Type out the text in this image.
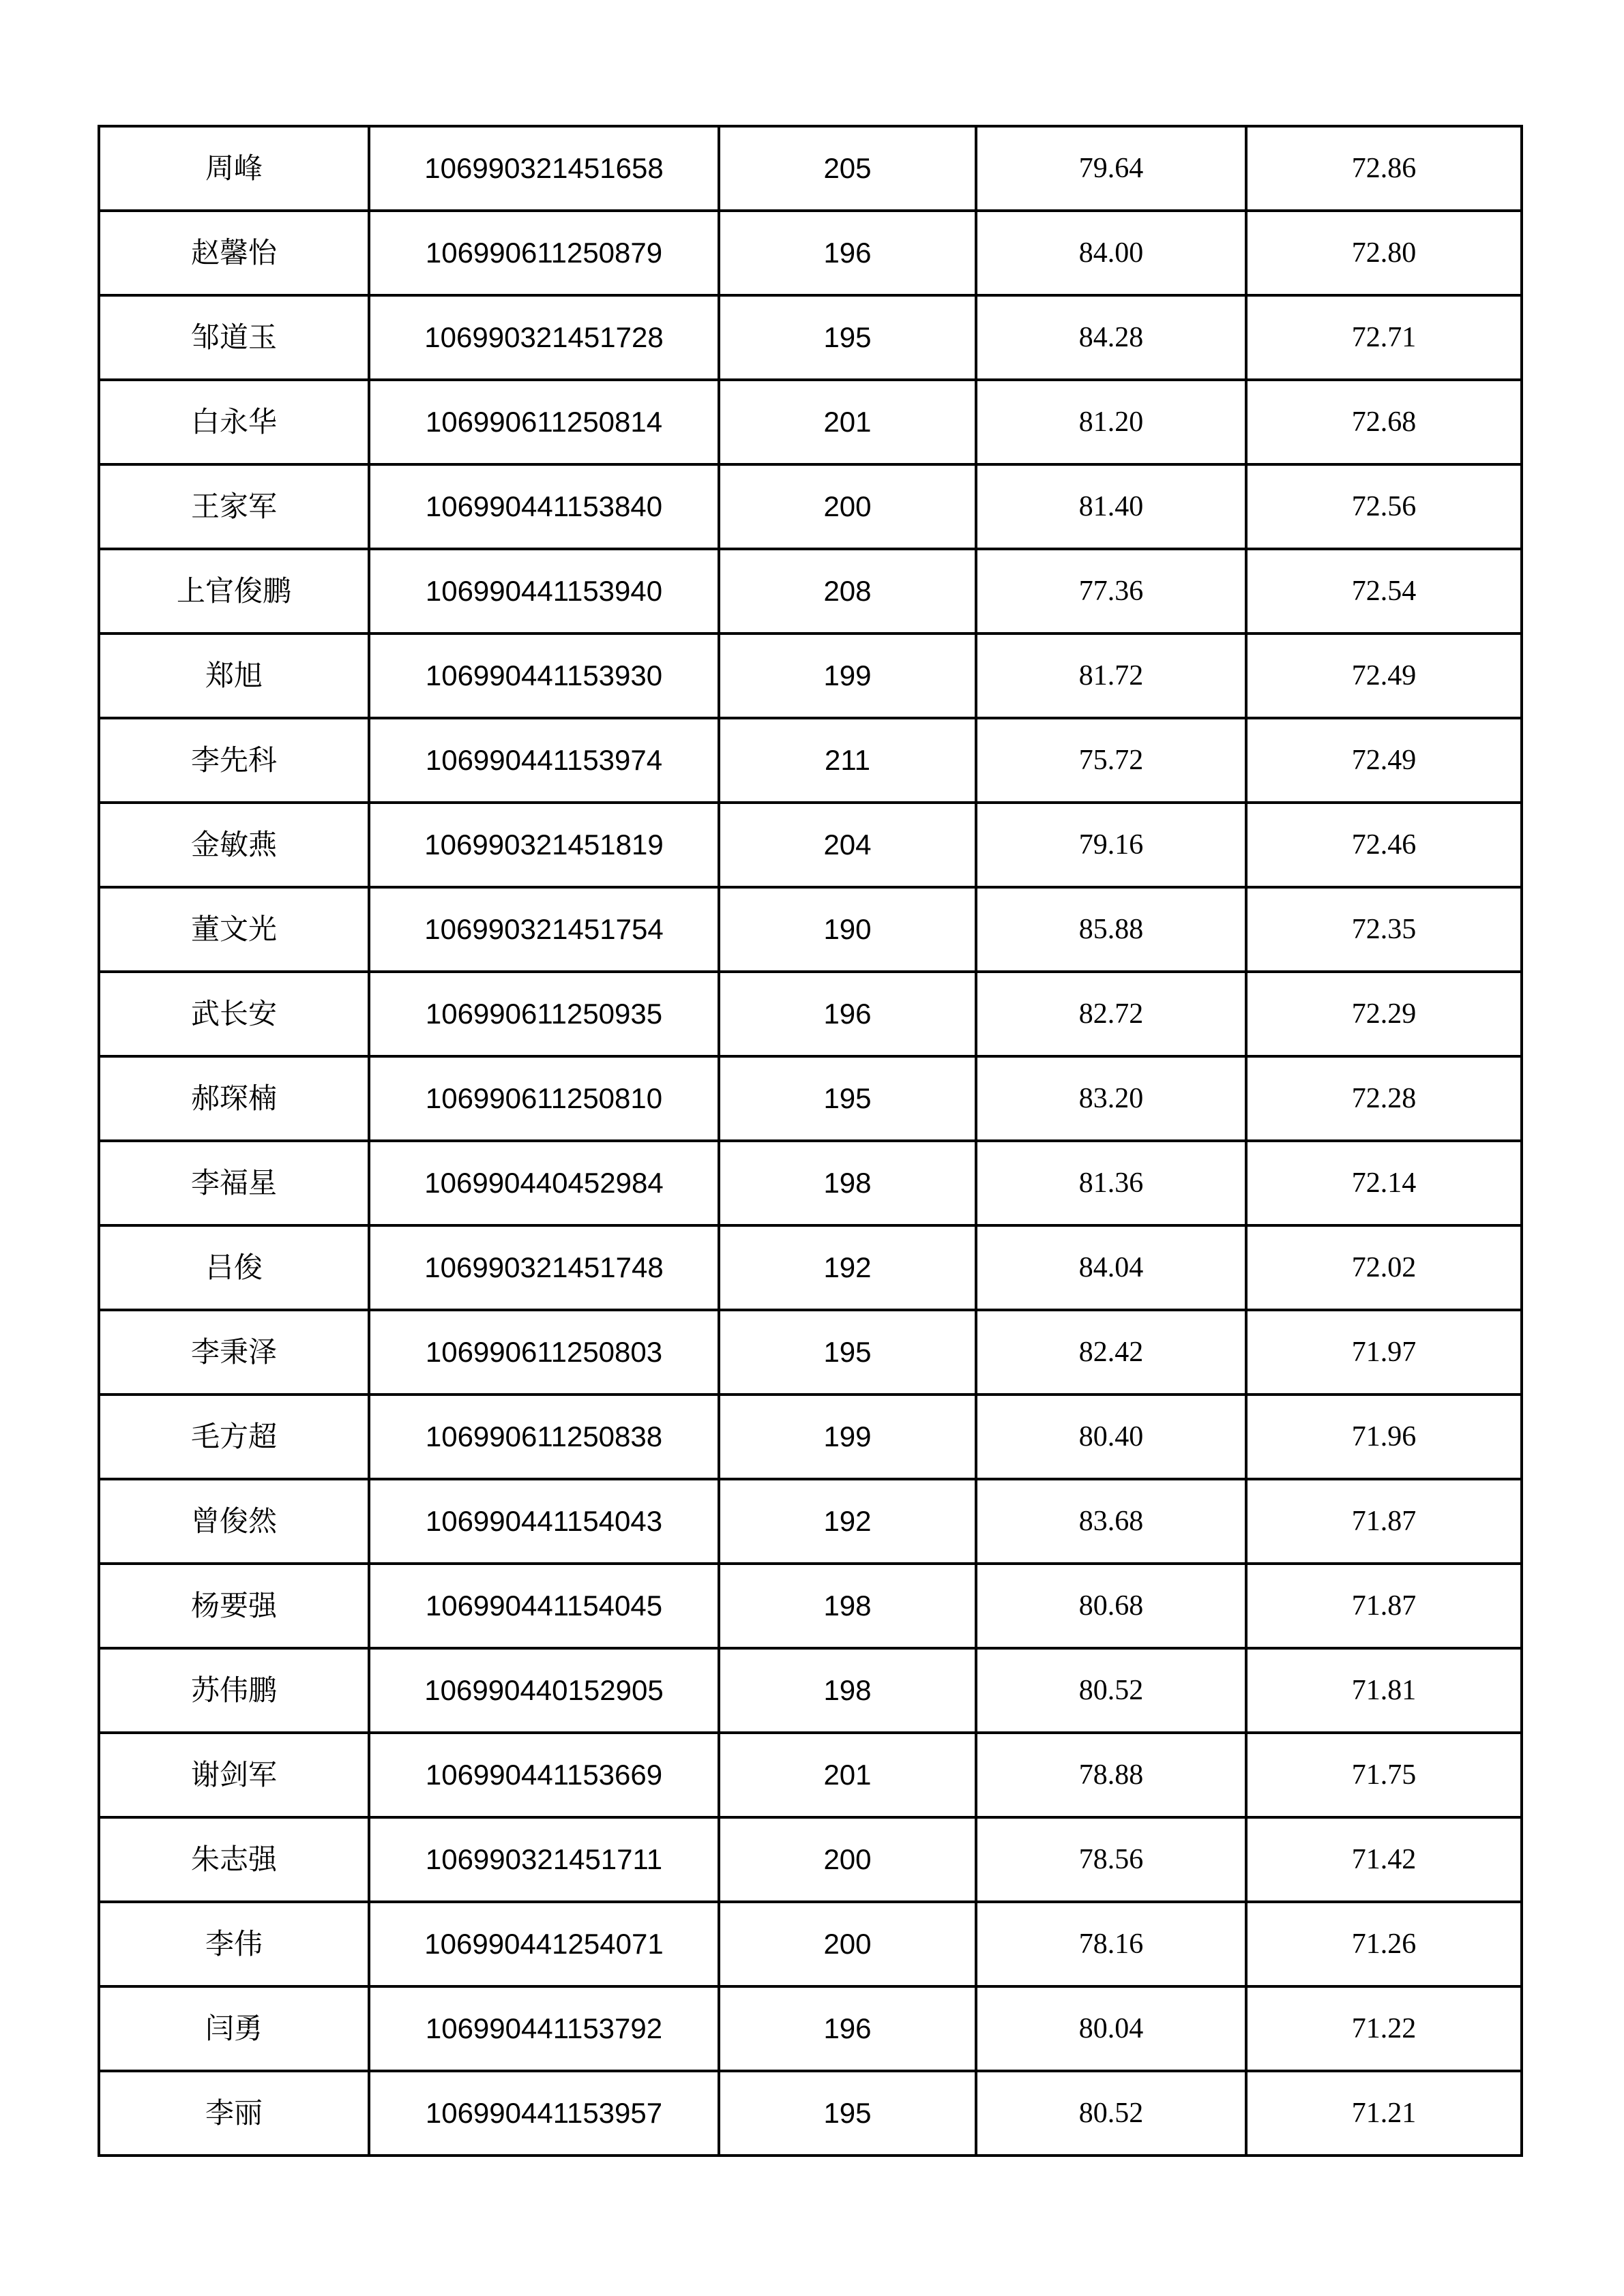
周峰	106990321451658	205	79.64	72.86
赵馨怡	106990611250879	196	84.00	72.80
邹道玉	106990321451728	195	84.28	72.71
白永华	106990611250814	201	81.20	72.68
王家军	106990441153840	200	81.40	72.56
上官俊鹏	106990441153940	208	77.36	72.54
郑旭	106990441153930	199	81.72	72.49
李先科	106990441153974	211	75.72	72.49
金敏燕	106990321451819	204	79.16	72.46
董文光	106990321451754	190	85.88	72.35
武长安	106990611250935	196	82.72	72.29
郝琛楠	106990611250810	195	83.20	72.28
李福星	106990440452984	198	81.36	72.14
吕俊	106990321451748	192	84.04	72.02
李秉泽	106990611250803	195	82.42	71.97
毛方超	106990611250838	199	80.40	71.96
曾俊然	106990441154043	192	83.68	71.87
杨要强	106990441154045	198	80.68	71.87
苏伟鹏	106990440152905	198	80.52	71.81
谢剑军	106990441153669	201	78.88	71.75
朱志强	106990321451711	200	78.56	71.42
李伟	106990441254071	200	78.16	71.26
闫勇	106990441153792	196	80.04	71.22
李丽	106990441153957	195	80.52	71.21
